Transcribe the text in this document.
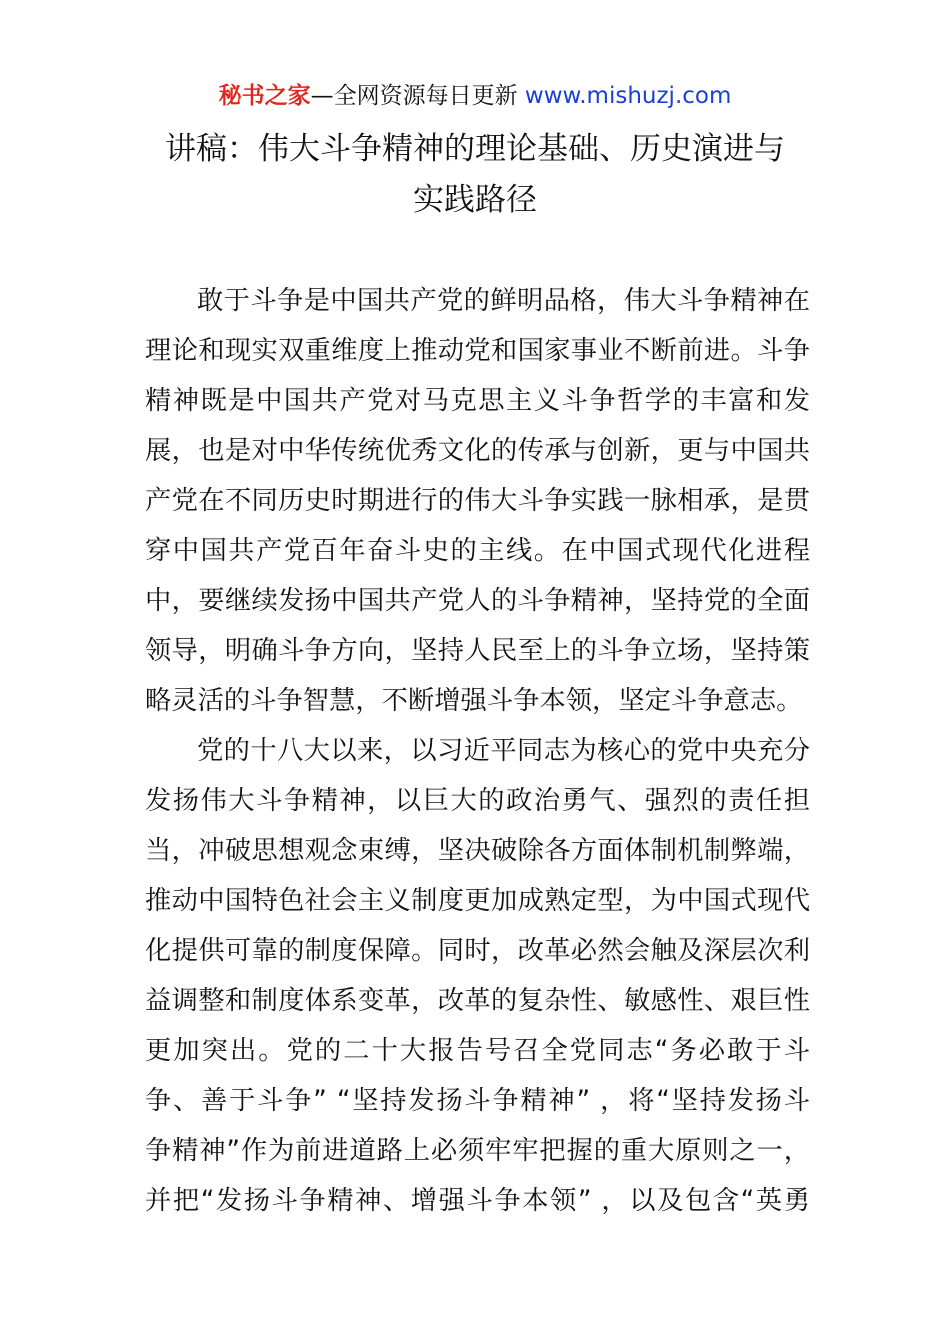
秘书之家—全网资源每日更新 www.mishuzj.com
讲稿：伟大斗争精神的理论基础、历史演进与
实践路径
敢于斗争是中国共产党的鲜明品格，伟大斗争精神在
理论和现实双重维度上推动党和国家事业不断前进。斗争
精神既是中国共产党对马克思主义斗争哲学的丰富和发
展，也是对中华传统优秀文化的传承与创新，更与中国共
产党在不同历史时期进行的伟大斗争实践一脉相承，是贯
穿中国共产党百年奋斗史的主线。在中国式现代化进程
中，要继续发扬中国共产党人的斗争精神，坚持党的全面
领导，明确斗争方向，坚持人民至上的斗争立场，坚持策
略灵活的斗争智慧，不断增强斗争本领，坚定斗争意志。
党的十八大以来，以习近平同志为核心的党中央充分
发扬伟大斗争精神，以巨大的政治勇气、强烈的责任担
当，冲破思想观念束缚，坚决破除各方面体制机制弊端，
推动中国特色社会主义制度更加成熟定型，为中国式现代
化提供可靠的制度保障。同时，改革必然会触及深层次利
益调整和制度体系变革，改革的复杂性、敏感性、艰巨性
更加突出。党的二十大报告号召全党同志“务必敢于斗
争、善于斗争” “坚持发扬斗争精神” ，将“坚持发扬斗
争精神”作为前进道路上必须牢牢把握的重大原则之一，
并把“发扬斗争精神、增强斗争本领” ，以及包含“英勇
